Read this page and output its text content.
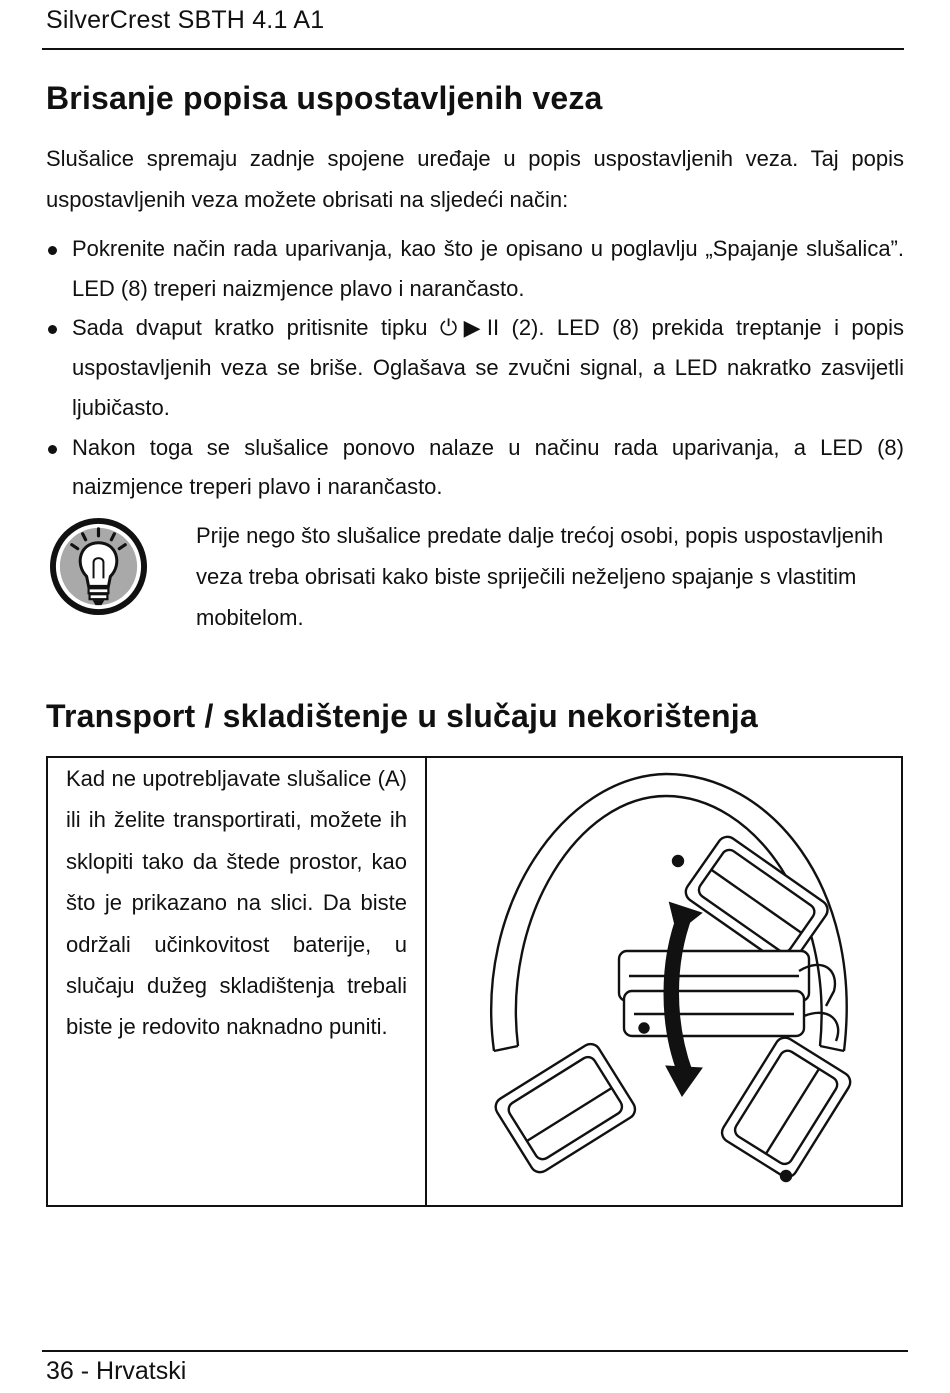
SilverCrest SBTH 4.1 A1
Brisanje popisa uspostavljenih veza

Slušalice spremaju zadnje spojene uređaje u popis uspostavljenih veza. Taj popis uspostavljenih veza možete obrisati na sljedeći način:

Pokrenite način rada uparivanja, kao što je opisano u poglavlju „Spajanje slušalica”. LED (8) treperi naizmjence plavo i narančasto.
Sada dvaput kratko pritisnite tipku ⏻▶II (2). LED (8) prekida treptanje i popis uspostavljenih veza se briše. Oglašava se zvučni signal, a LED nakratko zasvijetli ljubičasto.
Nakon toga se slušalice ponovo nalaze u načinu rada uparivanja, a LED (8) naizmjence treperi plavo i narančasto.

Prije nego što slušalice predate dalje trećoj osobi, popis uspostavljenih veza treba obrisati kako biste spriječili neželjeno spajanje s vlastitim mobitelom.

Transport / skladištenje u slučaju nekorištenja

Kad ne upotrebljavate slušalice (A) ili ih želite transportirati, možete ih sklopiti tako da štede prostor, kao što je prikazano na slici. Da biste održali učinkovitost baterije, u slučaju dužeg skladištenja trebali biste je redovito naknadno puniti.

36 - Hrvatski
